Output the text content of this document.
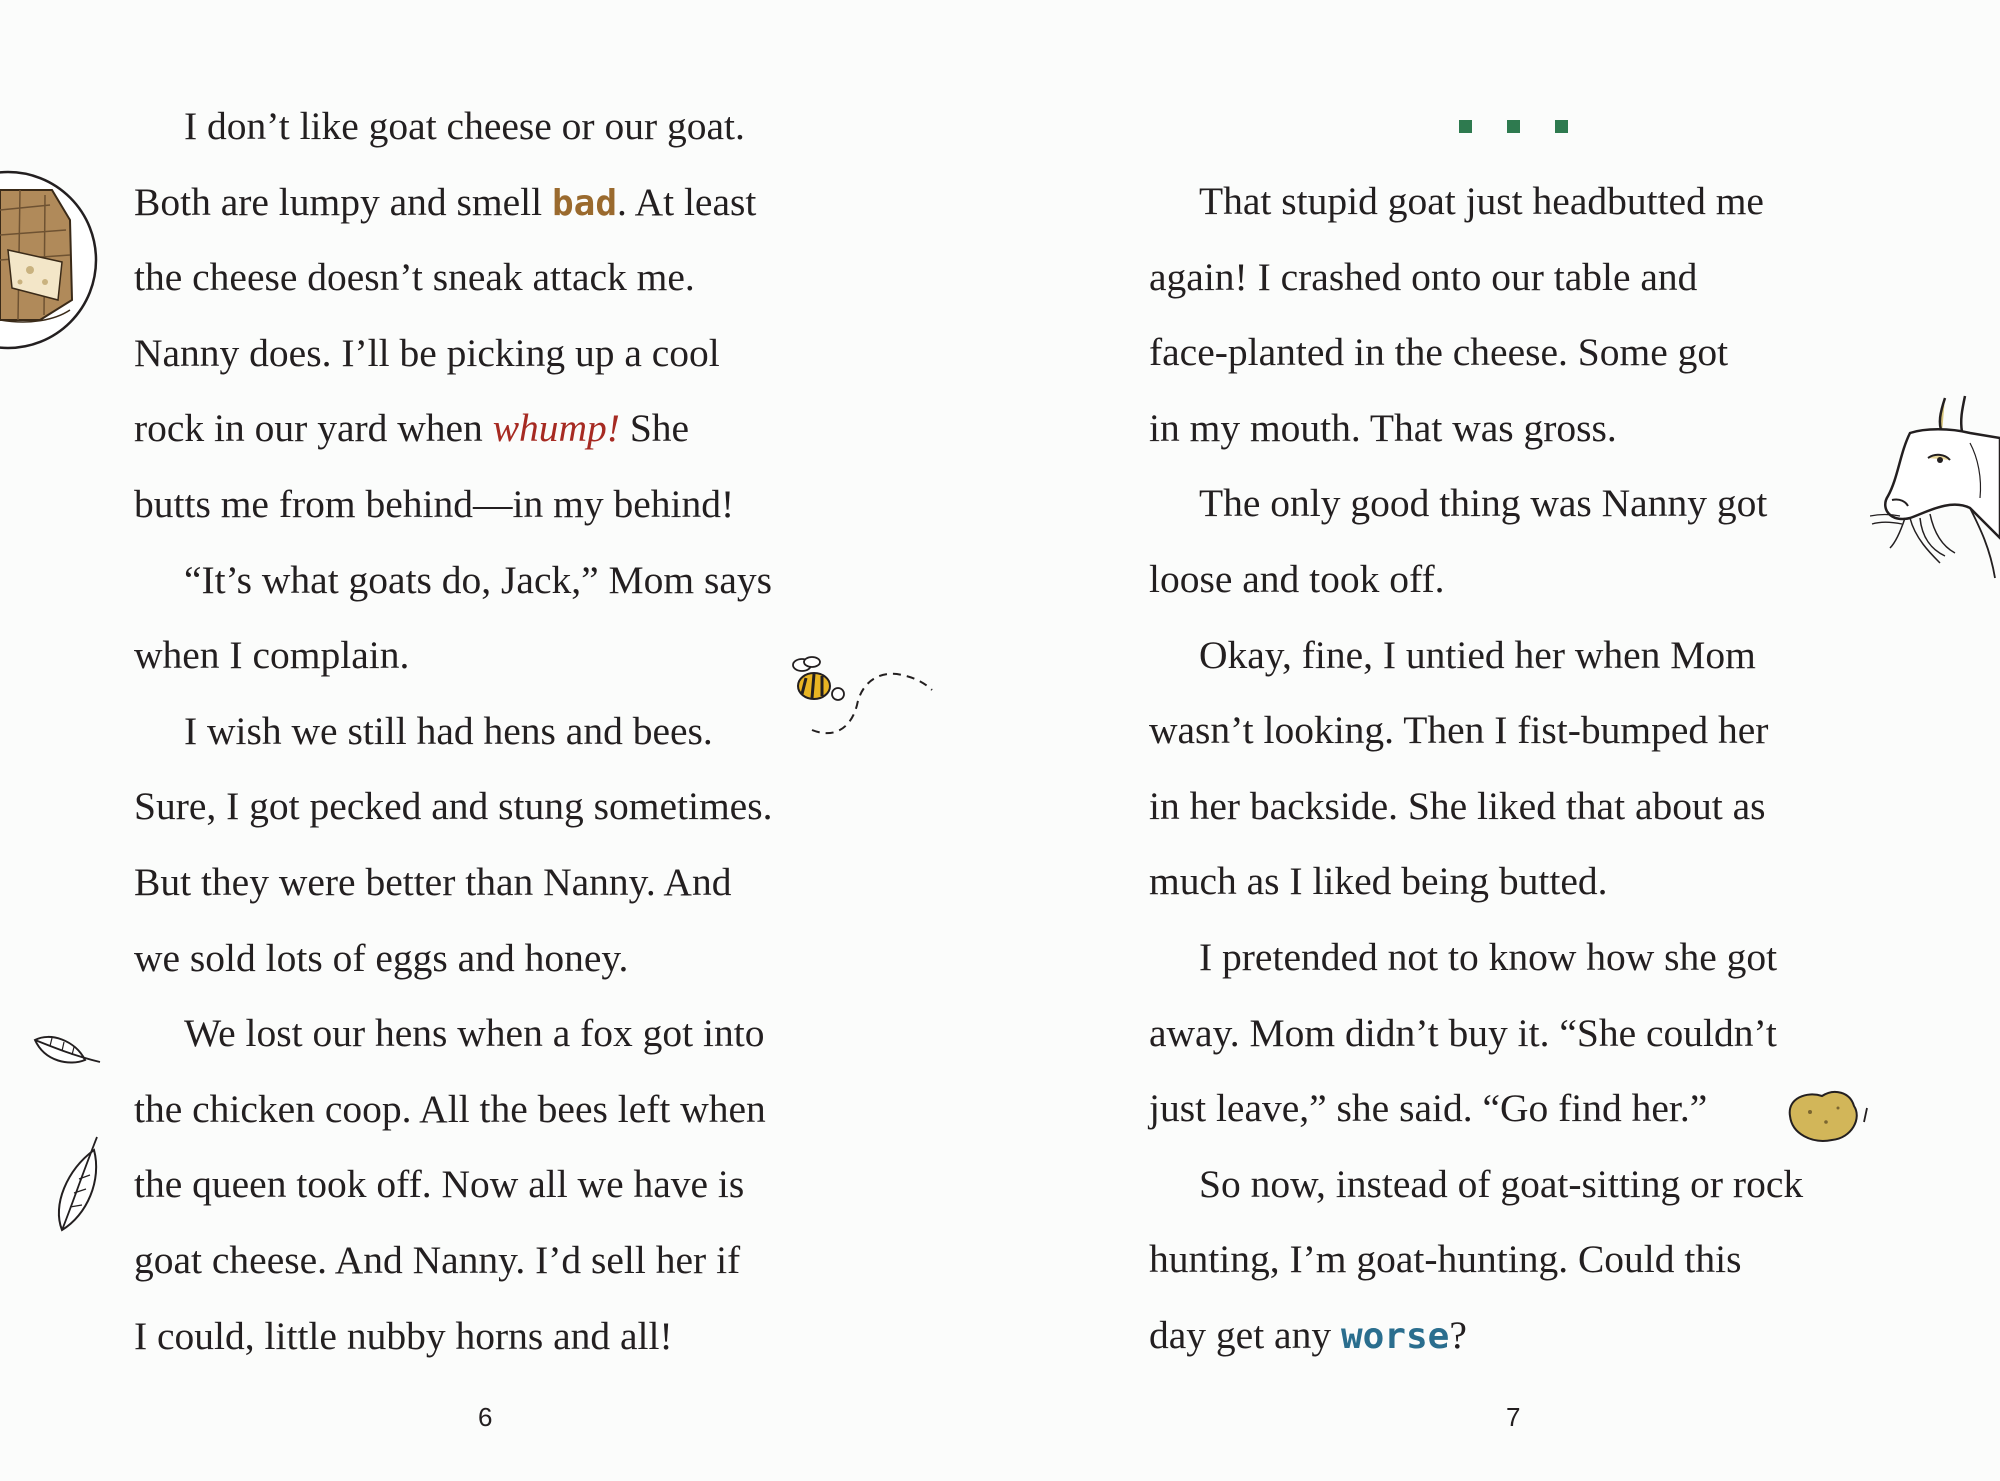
I don’t like goat cheese or our goat.
Both are lumpy and smell bad. At least
the cheese doesn’t sneak attack me.
Nanny does. I’ll be picking up a cool
rock in our yard when whump! She
butts me from behind—in my behind!
“It’s what goats do, Jack,” Mom says
when I complain.
I wish we still had hens and bees.
Sure, I got pecked and stung sometimes.
But they were better than Nanny. And
we sold lots of eggs and honey.
We lost our hens when a fox got into
the chicken coop. All the bees left when
the queen took off. Now all we have is
goat cheese. And Nanny. I’d sell her if
I could, little nubby horns and all!
6
That stupid goat just headbutted me
again! I crashed onto our table and
face-planted in the cheese. Some got
in my mouth. That was gross.
The only good thing was Nanny got
loose and took off.
Okay, fine, I untied her when Mom
wasn’t looking. Then I fist-bumped her
in her backside. She liked that about as
much as I liked being butted.
I pretended not to know how she got
away. Mom didn’t buy it. “She couldn’t
just leave,” she said. “Go find her.”
So now, instead of goat-sitting or rock
hunting, I’m goat-hunting. Could this
day get any worse?
7
